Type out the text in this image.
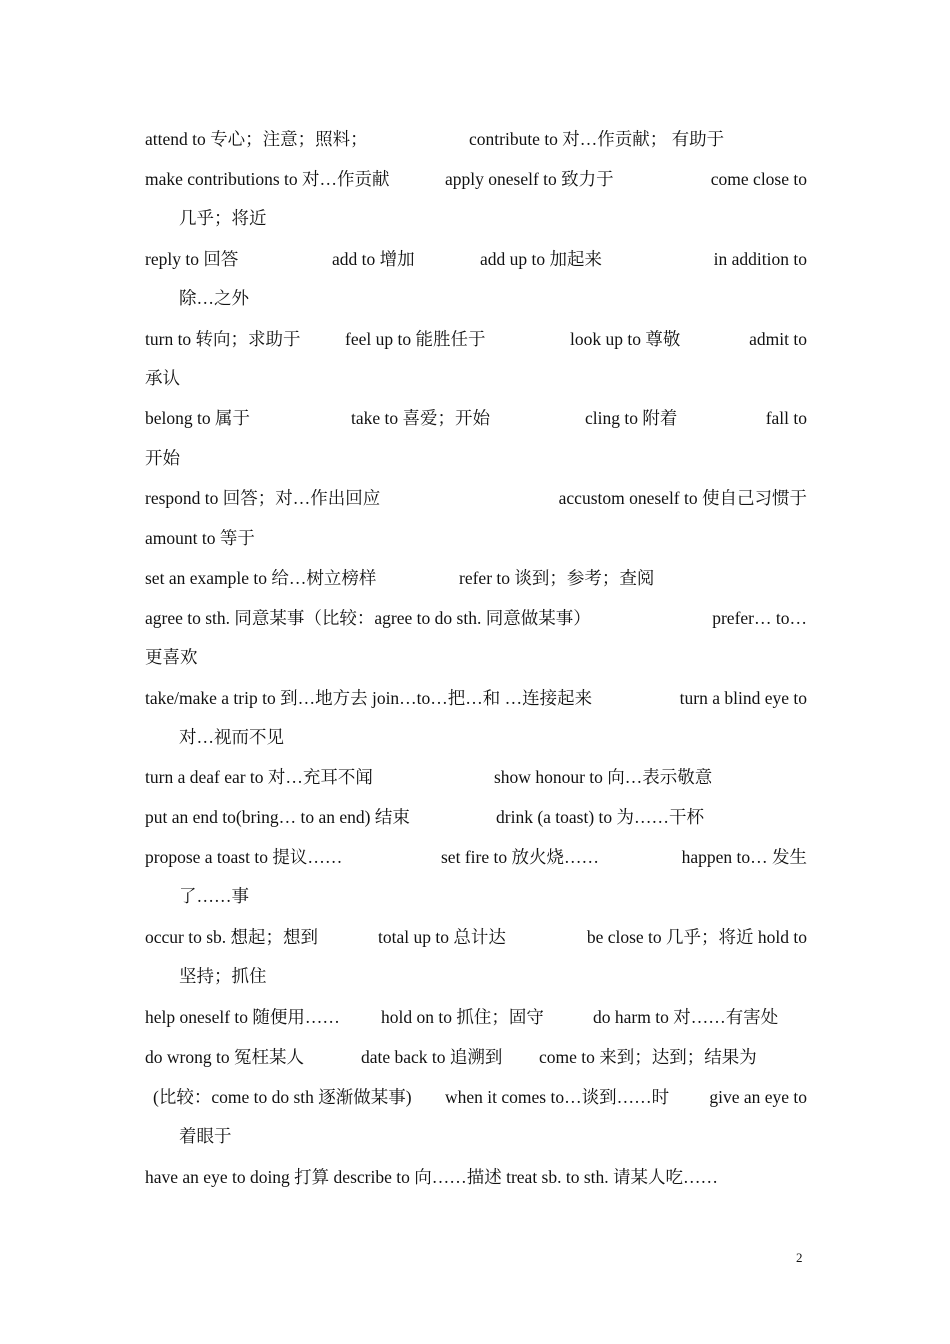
attend to 专心；注意；照料；	contribute to 对…作贡献； 有助于
make contributions to 对…作贡献	apply oneself to 致力于	come close to
几乎；将近
reply to 回答	add to 增加	add up to 加起来	in addition to
除…之外
turn to 转向；求助于	feel up to 能胜任于	look up to 尊敬	admit to
承认
belong to 属于	take to 喜爱；开始	cling to 附着	fall to
开始
respond to 回答；对…作出回应	accustom oneself to 使自己习惯于
amount to 等于
set an example to 给…树立榜样	refer to 谈到；参考；查阅
agree to sth. 同意某事（比较：agree to do sth. 同意做某事）	prefer… to…
更喜欢
take/make a trip to 到…地方去 join…to…把…和 …连接起来	turn a blind eye to
对…视而不见
turn a deaf ear to 对…充耳不闻	show honour to 向…表示敬意
put an end to(bring… to an end) 结束	drink (a toast) to 为……干杯
propose a toast to 提议……	set fire to 放火烧……	happen to… 发生
了……事
occur to sb. 想起；想到	total up to 总计达	be close to 几乎；将近 hold to
坚持；抓住
help oneself to 随便用…… hold on to 抓住；固守	do harm to 对……有害处
do wrong to 冤枉某人	date back to 追溯到 come to 来到；达到；结果为
(比较：come to do sth 逐渐做某事) when it comes to…谈到……时 give an eye to
着眼于
have an eye to doing 打算 describe to 向……描述 treat sb. to sth. 请某人吃……
2
